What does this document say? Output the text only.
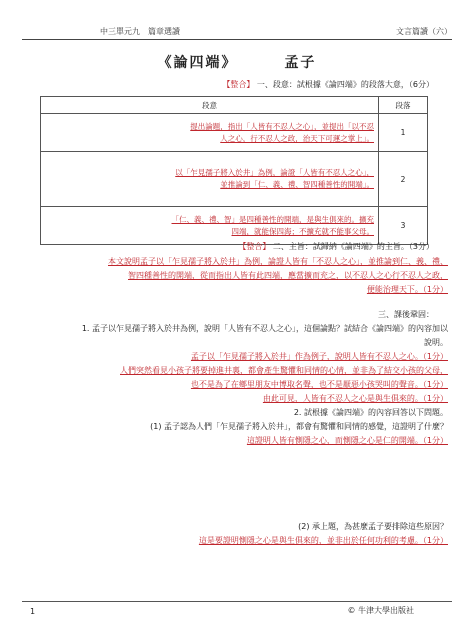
中三單元九　篇章選讀	文言篇讀（六）
《論四端》	孟子
【整合】 一、段意：試根據《論四端》的段落大意，（6分）
段意	段落

提出論題，指出「人皆有不忍人之心」，並提出「以不忍
人之心，行不忍人之政，治天下可運之掌上」。	1

以「乍見孺子將入於井」為例，論證「人皆有不忍人之心」，
並推論到「仁、義、禮、智四種善性的開端」。	2

「仁、義、禮、智」是四種善性的開端，是與生俱來的。擴充
四端，就能保四海；不擴充就不能事父母。	3
【整合】 二、主旨：試歸納《論四端》的主旨。（3分）
本文說明孟子以「乍見孺子將入於井」為例，論證人皆有「不忍人之心」，並推論到仁、義、禮、
智四種善性的開端，從而指出人皆有此四端，應當擴而充之，以不忍人之心行不忍人之政，
便能治理天下。（1分）
三、課後鞏固：
1. 孟子以乍見孺子將入於井為例，說明「人皆有不忍人之心」，這個論點？試結合《論四端》的內容加以
說明。
孟子以「乍見孺子將入於井」作為例子，說明人皆有不忍人之心。（1分）
人們突然看見小孩子將要掉進井裏，都會產生驚懼和同情的心情，並非為了結交小孩的父母，
也不是為了在鄉里朋友中博取名聲，也不是厭惡小孩哭叫的聲音。（1分）
由此可見，人皆有不忍人之心是與生俱來的。（1分）
2. 試根據《論四端》的內容回答以下問題。
(1) 孟子認為人們「乍見孺子將入於井」，都會有驚懼和同情的感覺，這證明了什麼？
這證明人皆有惻隱之心，而惻隱之心是仁的開端。（1分）
(2) 承上題，為甚麼孟子要排除這些原因？
這是要證明惻隱之心是與生俱來的，並非出於任何功利的考慮。（1分）
1	© 牛津大學出版社
